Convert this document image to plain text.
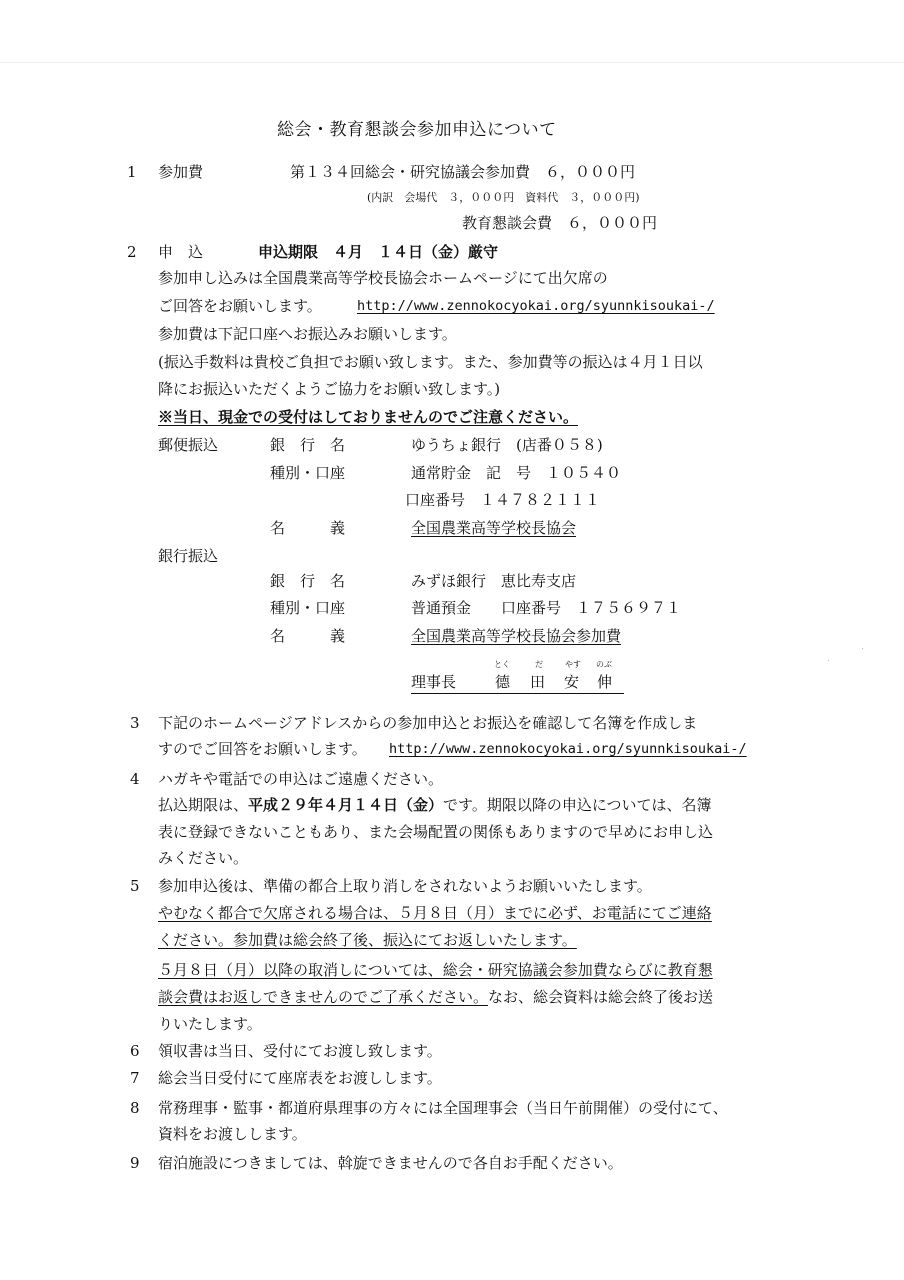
総会・教育懇談会参加申込について
1 参加費	第１３４回総会・研究協議会参加費　６，０００円
(内訳　会場代　３，０００円　資料代　３，０００円)
教育懇談会費　６，０００円
2 申　込	申込期限　４月　１４日（金）厳守
参加申し込みは全国農業高等学校長協会ホームページにて出欠席の
ご回答をお願いします。	http://www.zennokocyokai.org/syunnkisoukai-/
参加費は下記口座へお振込みお願いします。
(振込手数料は貴校ご負担でお願い致します。また、参加費等の振込は４月１日以
降にお振込いただくようご協力をお願い致します。)
※当日、現金での受付はしておりませんのでご注意ください。
郵便振込	銀　行　名	ゆうちょ銀行　(店番０５８)
種別・口座	通常貯金　記　号　１０５４０
口座番号　１４７８２１１１
名　　　義	全国農業高等学校長協会
銀行振込
銀　行　名	みずほ銀行　恵比寿支店
種別・口座	普通預金　　口座番号　１７５６９７１
名　　　義	全国農業高等学校長協会参加費
とく	だ	やす のぶ
理事長	德 田 安 伸
3 下記のホームページアドレスからの参加申込とお振込を確認して名簿を作成しま
すのでご回答をお願いします。 http://www.zennokocyokai.org/syunnkisoukai-/
4 ハガキや電話での申込はご遠慮ください。
払込期限は、平成２９年４月１４日（金）です。期限以降の申込については、名簿
表に登録できないこともあり、また会場配置の関係もありますので早めにお申し込
みください。
5 参加申込後は、準備の都合上取り消しをされないようお願いいたします。
やむなく都合で欠席される場合は、５月８日（月）までに必ず、お電話にてご連絡
ください。参加費は総会終了後、振込にてお返しいたします。
５月８日（月）以降の取消しについては、総会・研究協議会参加費ならびに教育懇
談会費はお返しできませんのでご了承ください。なお、総会資料は総会終了後お送
りいたします。
6 領収書は当日、受付にてお渡し致します。
7 総会当日受付にて座席表をお渡しします。
8 常務理事・監事・都道府県理事の方々には全国理事会（当日午前開催）の受付にて、
資料をお渡しします。
9 宿泊施設につきましては、斡旋できませんので各自お手配ください。
